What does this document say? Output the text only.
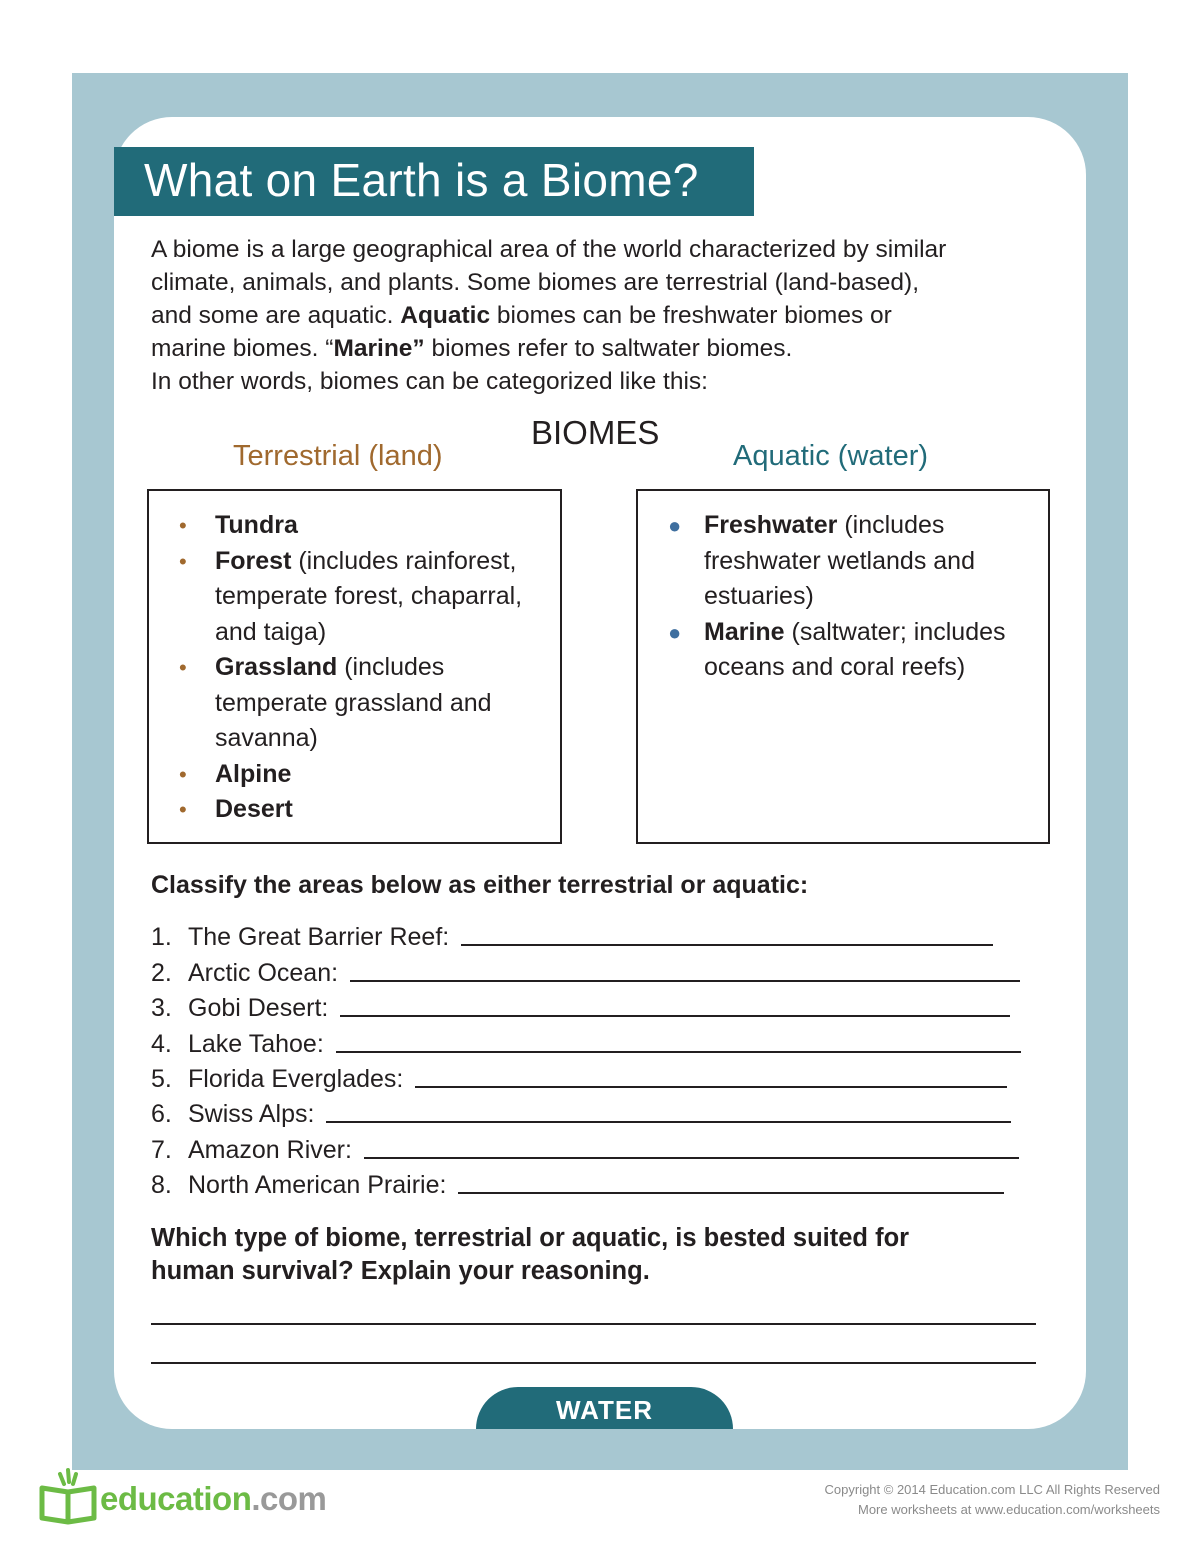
What on Earth is a Biome?
A biome is a large geographical area of the world characterized by similar
climate, animals, and plants. Some biomes are terrestrial (land-based),
and some are aquatic. Aquatic biomes can be freshwater biomes or
marine biomes. “Marine” biomes refer to saltwater biomes.
In other words, biomes can be categorized like this:
BIOMES
Terrestrial (land)	Aquatic (water)
• Tundra
• Forest (includes rainforest, temperate forest, chaparral, and taiga)
• Grassland (includes temperate grassland and savanna)
• Alpine
• Desert
● Freshwater (includes freshwater wetlands and estuaries)
● Marine (saltwater; includes oceans and coral reefs)
Classify the areas below as either terrestrial or aquatic:
1. The Great Barrier Reef:
2. Arctic Ocean:
3. Gobi Desert:
4. Lake Tahoe:
5. Florida Everglades:
6. Swiss Alps:
7. Amazon River:
8. North American Prairie:
Which type of biome, terrestrial or aquatic, is bested suited for
human survival? Explain your reasoning.
WATER
education.com	Copyright © 2014 Education.com LLC All Rights Reserved
More worksheets at www.education.com/worksheets
